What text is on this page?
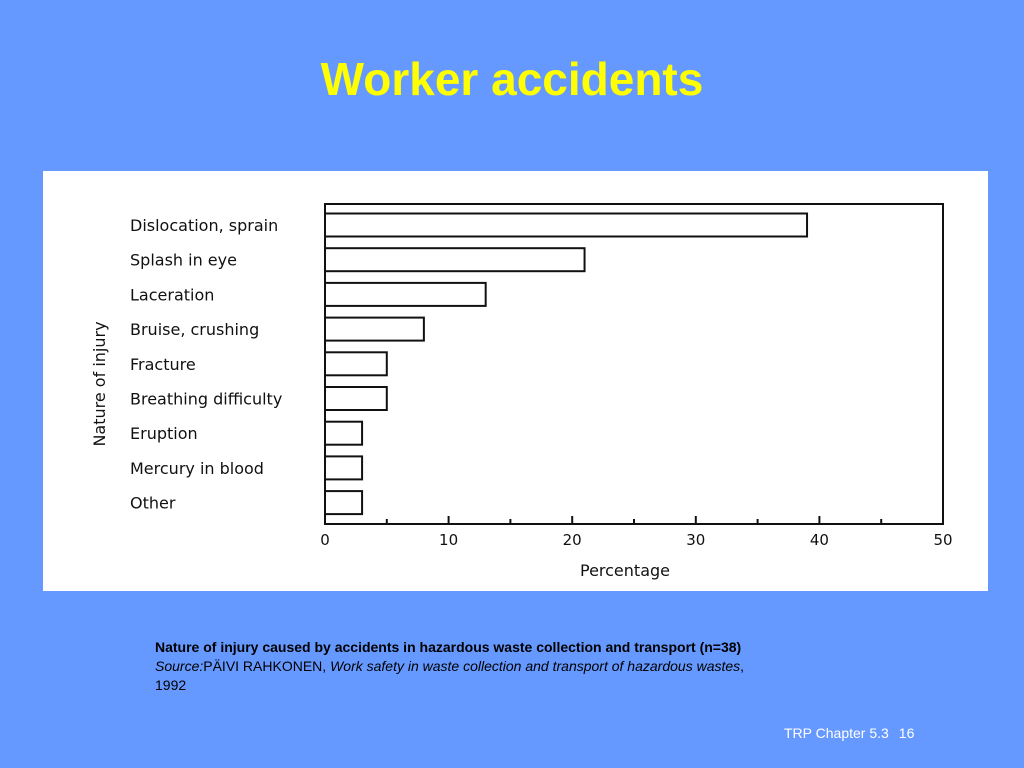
Worker accidents
Dislocation, sprain
Splash in eye
Laceration
Bruise, crushing
Fracture
Breathing difficulty
Eruption
Mercury in blood
Other
0	10	20	30	40	50
Percentage
Nature of injury
Nature of injury caused by accidents in hazardous waste collection and transport (n=38)
Source:PÄIVI RAHKONEN, Work safety in waste collection and transport of hazardous wastes,
1992
TRP Chapter 5.3 16
